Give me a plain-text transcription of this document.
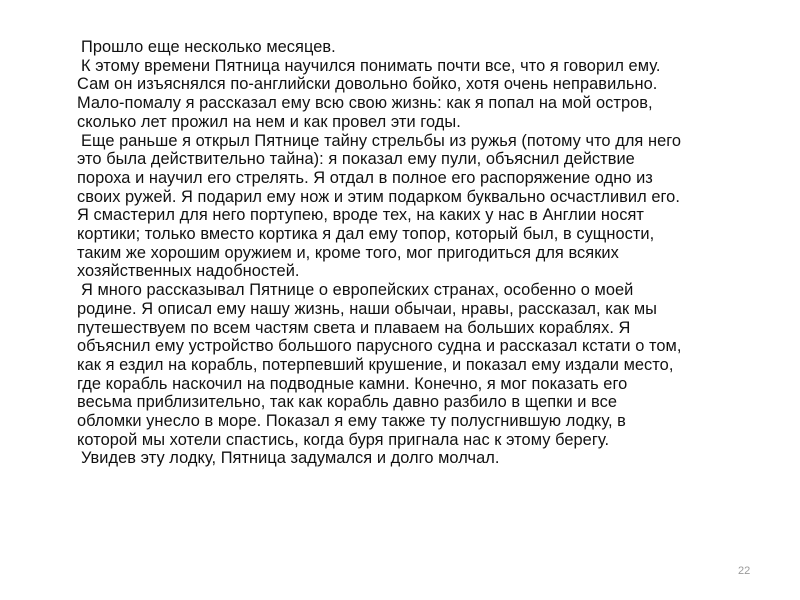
Прошло еще несколько месяцев.
К этому времени Пятница научился понимать почти все, что я говорил ему.
Сам он изъяснялся по-английски довольно бойко, хотя очень неправильно.
Мало-помалу я рассказал ему всю свою жизнь: как я попал на мой остров,
сколько лет прожил на нем и как провел эти годы.
Еще раньше я открыл Пятнице тайну стрельбы из ружья (потому что для него
это была действительно тайна): я показал ему пули, объяснил действие
пороха и научил его стрелять. Я отдал в полное его распоряжение одно из
своих ружей. Я подарил ему нож и этим подарком буквально осчастливил его.
Я смастерил для него портупею, вроде тех, на каких у нас в Англии носят
кортики; только вместо кортика я дал ему топор, который был, в сущности,
таким же хорошим оружием и, кроме того, мог пригодиться для всяких
хозяйственных надобностей.
Я много рассказывал Пятнице о европейских странах, особенно о моей
родине. Я описал ему нашу жизнь, наши обычаи, нравы, рассказал, как мы
путешествуем по всем частям света и плаваем на больших кораблях. Я
объяснил ему устройство большого парусного судна и рассказал кстати о том,
как я ездил на корабль, потерпевший крушение, и показал ему издали место,
где корабль наскочил на подводные камни. Конечно, я мог показать его
весьма приблизительно, так как корабль давно разбило в щепки и все
обломки унесло в море. Показал я ему также ту полусгнившую лодку, в
которой мы хотели спастись, когда буря пригнала нас к этому берегу.
Увидев эту лодку, Пятница задумался и долго молчал.
22
